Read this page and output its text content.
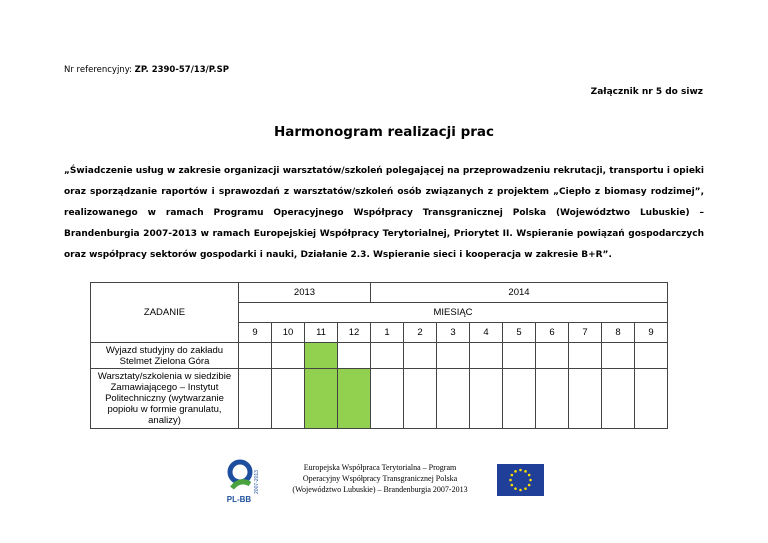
Nr referencyjny: ZP. 2390-57/13/P.SP
Załącznik nr 5 do siwz
Harmonogram realizacji prac
„Świadczenie usług w zakresie organizacji warsztatów/szkoleń polegającej na przeprowadzeniu rekrutacji, transportu i opieki oraz sporządzanie raportów i sprawozdań z warsztatów/szkoleń osób związanych z projektem „Ciepło z biomasy rodzimej”, realizowanego w ramach Programu Operacyjnego Współpracy Transgranicznej Polska (Województwo Lubuskie) – Brandenburgia 2007-2013 w ramach Europejskiej Współpracy Terytorialnej, Priorytet II. Wspieranie powiązań gospodarczych oraz współpracy sektorów gospodarki i nauki, Działanie 2.3. Wspieranie sieci i kooperacja w zakresie B+R”.
ZADANIE	2013				2014								
	MIESIĄC												
	9	10	11	12	1	2	3	4	5	6	7	8	9
Wyjazd studyjny do zakładu Stelmet Zielona Góra													
Warsztaty/szkolenia w siedzibie Zamawiającego – Instytut Politechniczny (wytwarzanie popiołu w formie granulatu, analizy)													
PL-BB
2007-2013
Europejska Współpraca Terytorialna – Program
Operacyjny Współpracy Transgranicznej Polska
(Województwo Lubuskie) – Brandenburgia 2007-2013
